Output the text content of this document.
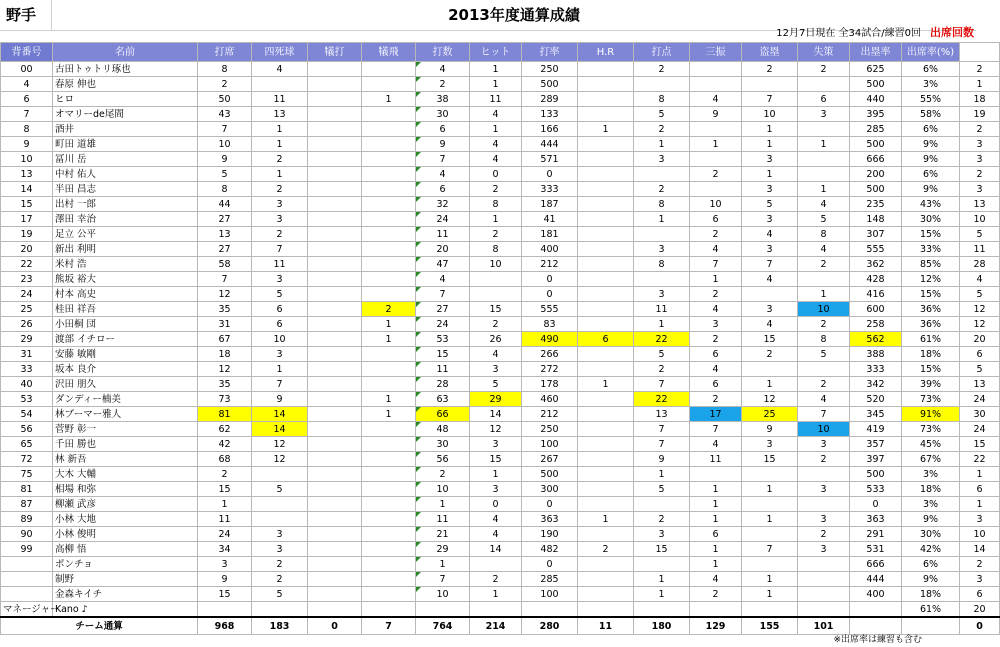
野手	2013年度通算成績
12月7日現在 全34試合/練習0回 出席回数
背番号	名前	打席	四死球	犠打	犠飛	打数	ヒット	打率	H.R	打点	三振	盗塁	失策	出塁率	出席率(%)	
00	古田トゥトリ琢也	8	4			4	1	250		2		2	2	625	6%	2
4	春原 伸也	2				2	1	500						500	3%	1
6	ヒロ	50	11		1	38	11	289		8	4	7	6	440	55%	18
7	オマリーde尾間	43	13			30	4	133		5	9	10	3	395	58%	19
8	酒井	7	1			6	1	166	1	2		1		285	6%	2
9	町田 道雄	10	1			9	4	444		1	1	1	1	500	9%	3
10	冨川 岳	9	2			7	4	571		3		3		666	9%	3
13	中村 佑人	5	1			4	0	0			2	1		200	6%	2
14	半田 昌志	8	2			6	2	333		2		3	1	500	9%	3
15	出村 一郎	44	3			32	8	187		8	10	5	4	235	43%	13
17	澤田 幸治	27	3			24	1	41		1	6	3	5	148	30%	10
19	足立 公平	13	2			11	2	181			2	4	8	307	15%	5
20	新出 利明	27	7			20	8	400		3	4	3	4	555	33%	11
22	米村 浩	58	11			47	10	212		8	7	7	2	362	85%	28
23	熊坂 裕大	7	3			4		0			1	4		428	12%	4
24	村本 高史	12	5			7		0		3	2		1	416	15%	5
25	桂田 祥吾	35	6		2	27	15	555		11	4	3	10	600	36%	12
26	小田桐 団	31	6		1	24	2	83		1	3	4	2	258	36%	12
29	渡部 イチロー	67	10		1	53	26	490	6	22	2	15	8	562	61%	20
31	安藤 敏剛	18	3			15	4	266		5	6	2	5	388	18%	6
33	坂本 良介	12	1			11	3	272		2	4			333	15%	5
40	沢田 朋久	35	7			28	5	178	1	7	6	1	2	342	39%	13
53	ダンディー楠美	73	9		1	63	29	460		22	2	12	4	520	73%	24
54	林ブーマー雅人	81	14		1	66	14	212		13	17	25	7	345	91%	30
56	菅野 彰一	62	14			48	12	250		7	7	9	10	419	73%	24
65	千田 勝也	42	12			30	3	100		7	4	3	3	357	45%	15
72	林 新吾	68	12			56	15	267		9	11	15	2	397	67%	22
75	大木 大輔	2				2	1	500		1				500	3%	1
81	相場 和弥	15	5			10	3	300		5	1	1	3	533	18%	6
87	柳瀬 武彦	1				1	0	0			1			0	3%	1
89	小林 大地	11				11	4	363	1	2	1	1	3	363	9%	3
90	小林 俊明	24	3			21	4	190		3	6		2	291	30%	10
99	高柳 悟	34	3			29	14	482	2	15	1	7	3	531	42%	14
	ポンチョ	3	2			1		0			1			666	6%	2
	制野	9	2			7	2	285		1	4	1		444	9%	3
	金森キイチ	15	5			10	1	100		1	2	1		400	18%	6
マネージャー	Kano ♪														61%	20
チーム通算		968	183	0	7	764	214	280	11	180	129	155	101			0
※出席率は練習も含む
